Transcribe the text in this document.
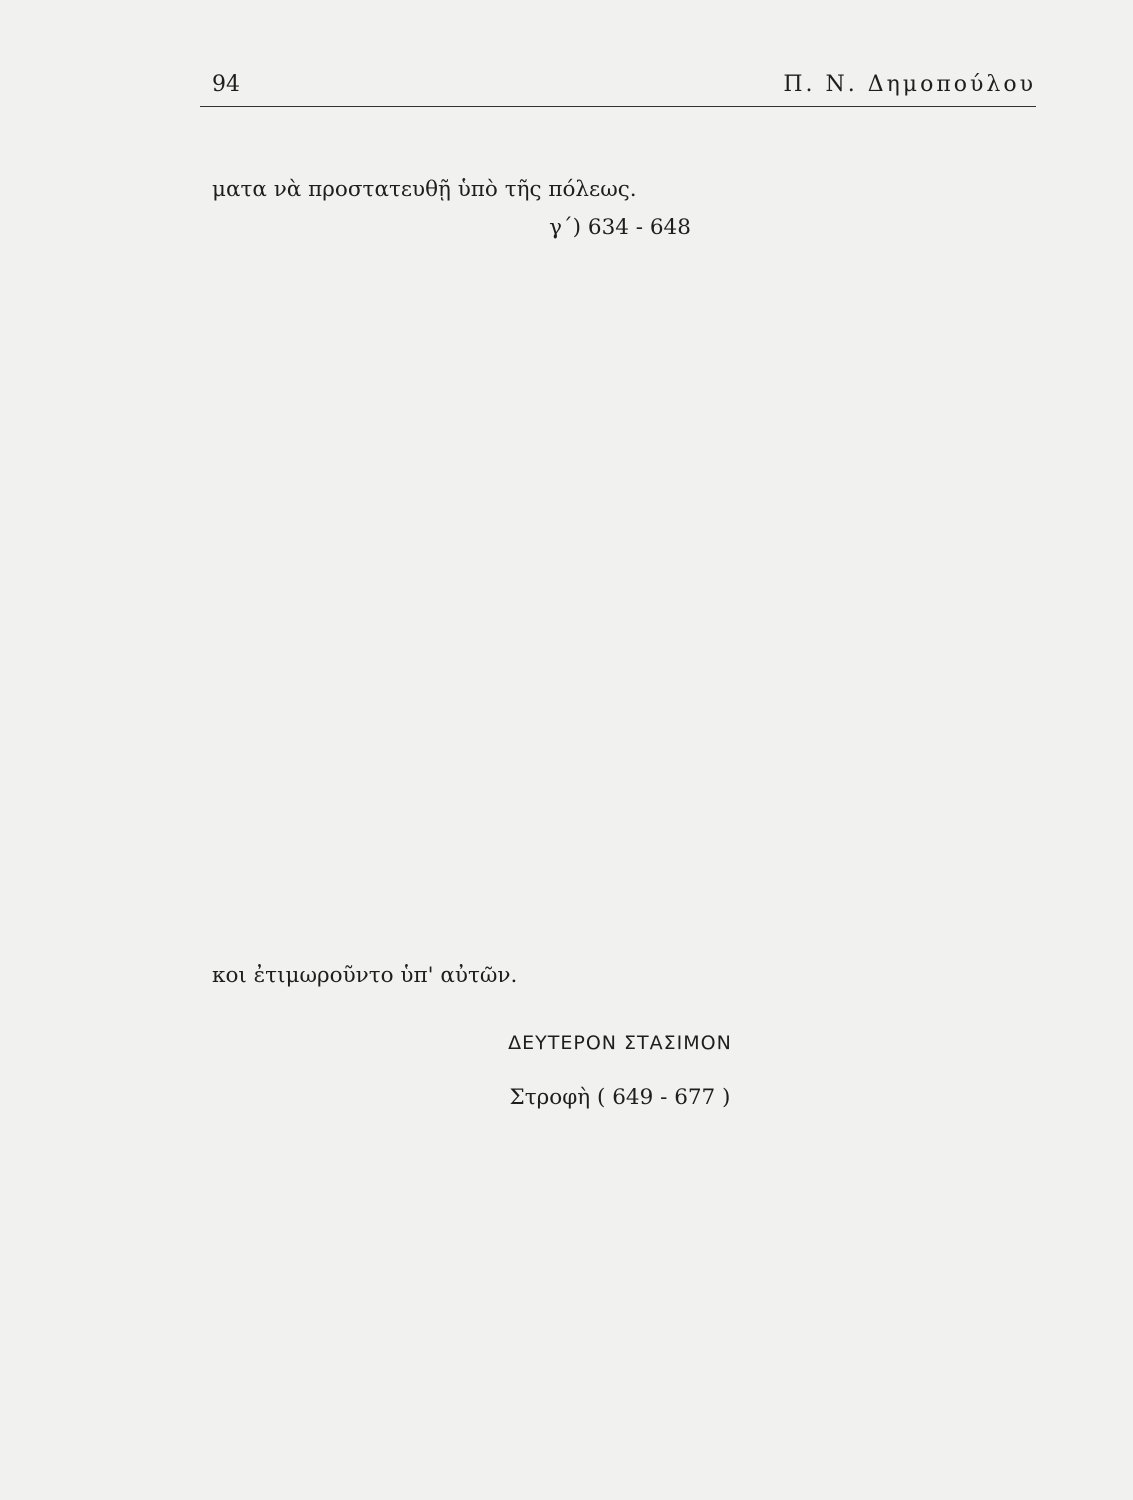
94	Π. Ν. Δημοπούλου
ματα νὰ προστατευθῇ ὑπὸ τῆς πόλεως.
γ΄) 634 - 648
κοι ἐτιμωροῦντο ὑπ' αὐτῶν.
ΔΕΥΤΕΡΟΝ ΣΤΑΣΙΜΟΝ
Στροφὴ ( 649 - 677 )
